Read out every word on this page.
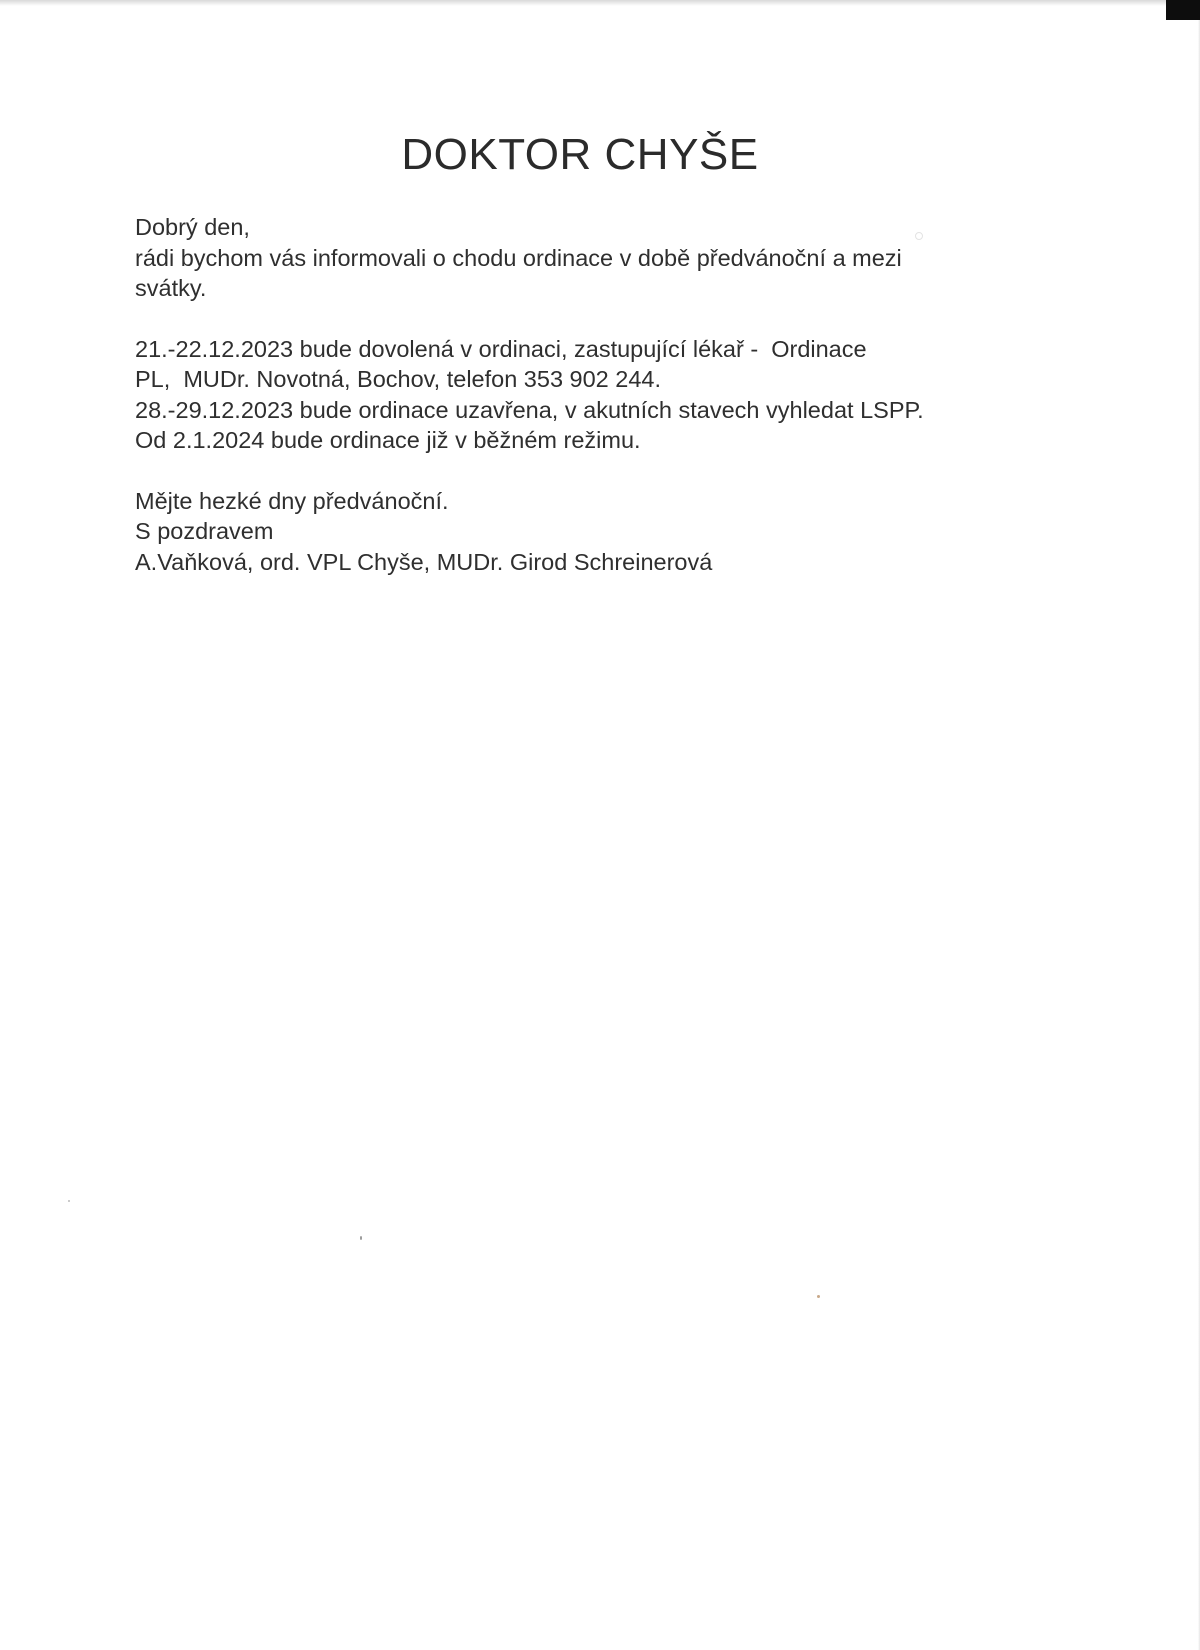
DOKTOR CHYŠE
Dobrý den,
rádi bychom vás informovali o chodu ordinace v době předvánoční a mezi
svátky.
21.-22.12.2023 bude dovolená v ordinaci, zastupující lékař -  Ordinace
PL,  MUDr. Novotná, Bochov, telefon 353 902 244.
28.-29.12.2023 bude ordinace uzavřena, v akutních stavech vyhledat LSPP.
Od 2.1.2024 bude ordinace již v běžném režimu.
Mějte hezké dny předvánoční.
S pozdravem
A.Vaňková, ord. VPL Chyše, MUDr. Girod Schreinerová
